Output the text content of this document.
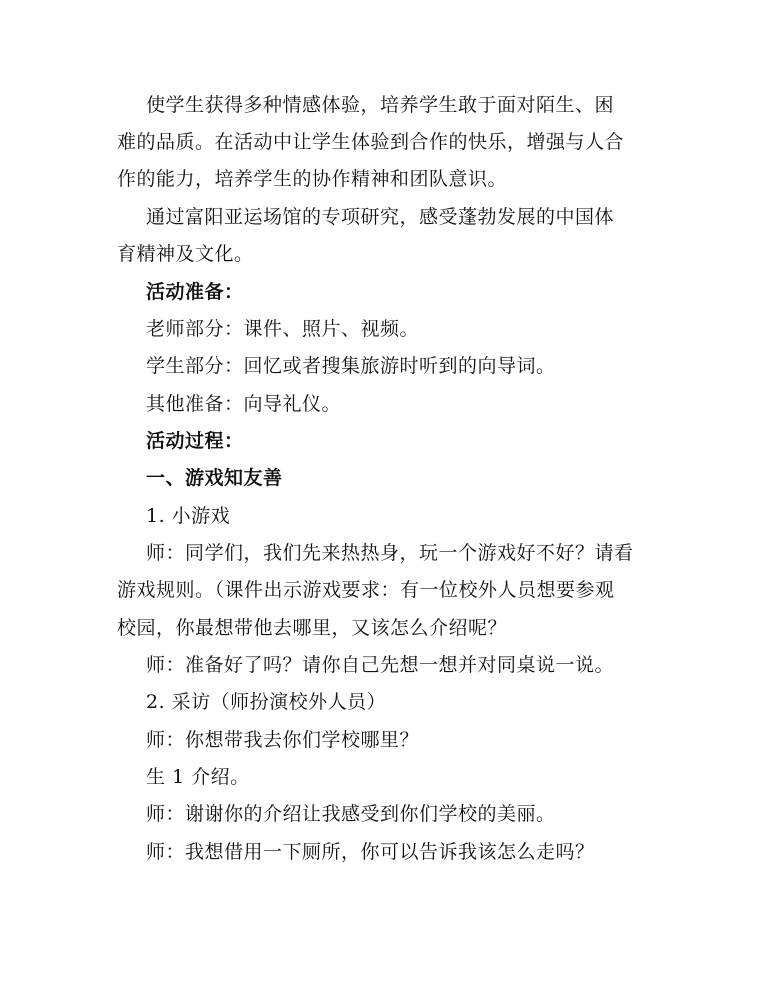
使学生获得多种情感体验，培养学生敢于面对陌生、困
难的品质。在活动中让学生体验到合作的快乐，增强与人合
作的能力，培养学生的协作精神和团队意识。
通过富阳亚运场馆的专项研究，感受蓬勃发展的中国体
育精神及文化。
活动准备：
老师部分：课件、照片、视频。
学生部分：回忆或者搜集旅游时听到的向导词。
其他准备：向导礼仪。
活动过程：
一、游戏知友善
1. 小游戏
师：同学们，我们先来热热身，玩一个游戏好不好？请看
游戏规则。（课件出示游戏要求：有一位校外人员想要参观
校园，你最想带他去哪里，又该怎么介绍呢？
师：准备好了吗？请你自己先想一想并对同桌说一说。
2. 采访（师扮演校外人员）
师：你想带我去你们学校哪里？
生 1 介绍。
师：谢谢你的介绍让我感受到你们学校的美丽。
师：我想借用一下厕所，你可以告诉我该怎么走吗？
